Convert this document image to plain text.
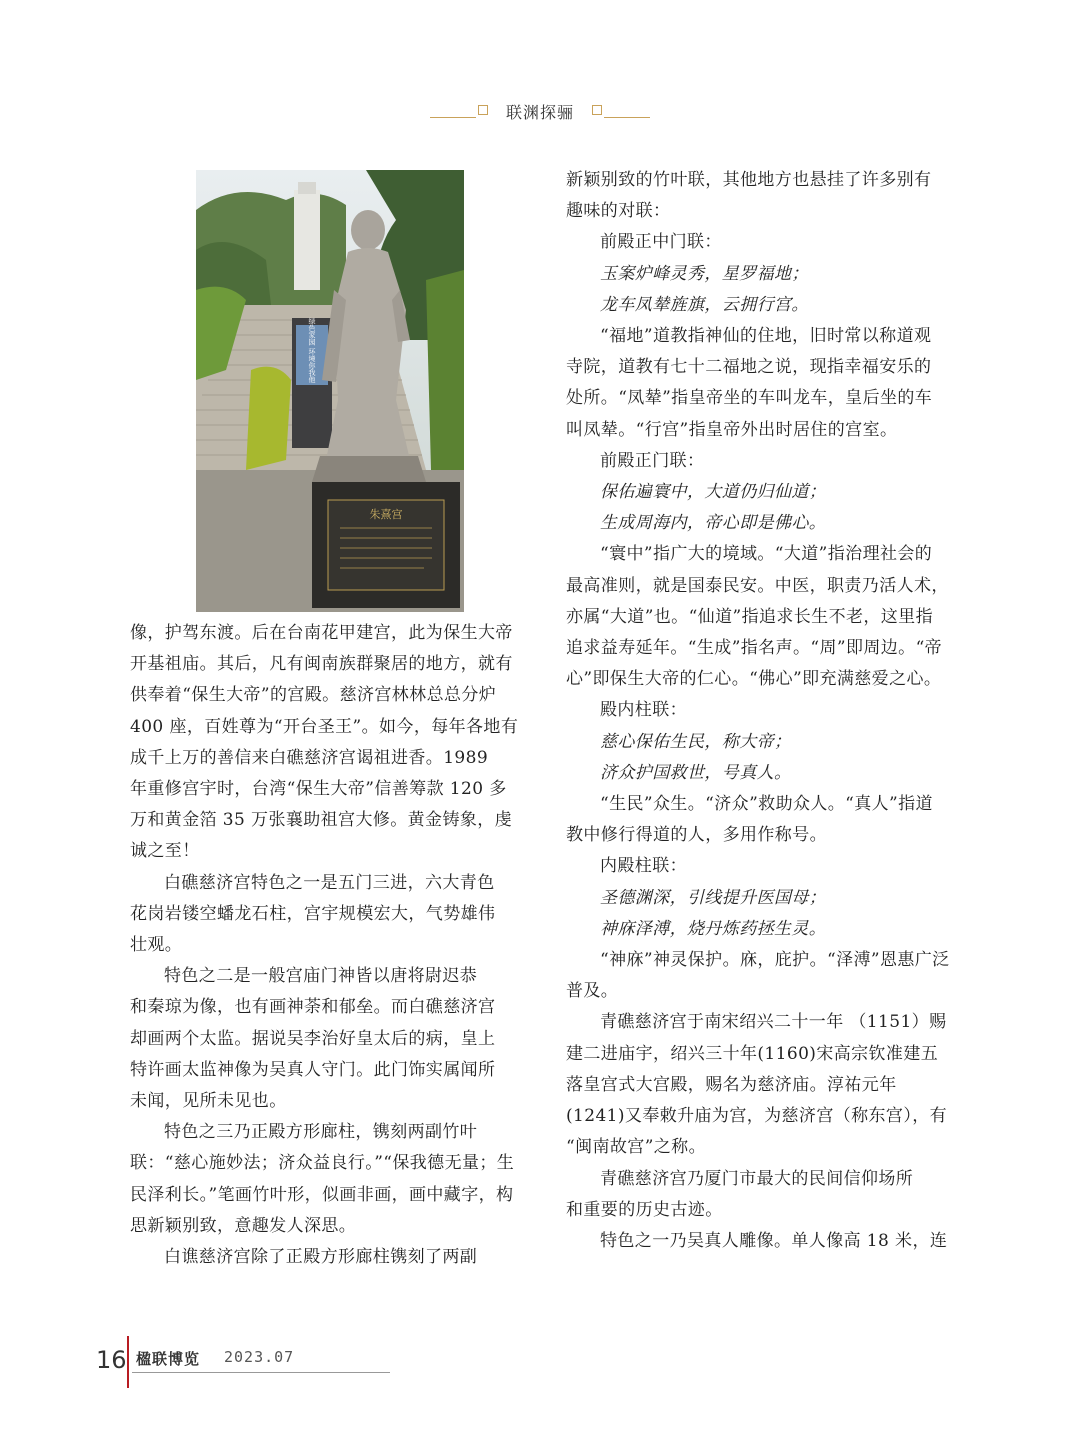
联渊探骊
朱熹宫
绿色家园 环境你我他

像，护驾东渡。后在台南花甲建宫，此为保生大帝

开基祖庙。其后，凡有闽南族群聚居的地方，就有

供奉着“保生大帝”的宫殿。慈济宫林林总总分炉

400 座，百姓尊为“开台圣王”。如今，每年各地有

成千上万的善信来白礁慈济宫谒祖进香。1989

年重修宫宇时，台湾“保生大帝”信善筹款 120 多

万和黄金箔 35 万张襄助祖宫大修。黄金铸象，虔

诚之至！

白礁慈济宫特色之一是五门三进，六大青色

花岗岩镂空蟠龙石柱，宫宇规模宏大，气势雄伟

壮观。

特色之二是一般宫庙门神皆以唐将尉迟恭

和秦琼为像，也有画神荼和郁垒。而白礁慈济宫

却画两个太监。据说吴李治好皇太后的病，皇上

特许画太监神像为吴真人守门。此门饰实属闻所

未闻，见所未见也。

特色之三乃正殿方形廊柱，镌刻两副竹叶

联：“慈心施妙法；济众益良行。”“保我德无量；生

民泽利长。”笔画竹叶形，似画非画，画中藏字，构

思新颖别致，意趣发人深思。

白谯慈济宫除了正殿方形廊柱镌刻了两副

新颖别致的竹叶联，其他地方也悬挂了许多别有

趣味的对联：

前殿正中门联：

玉案炉峰灵秀，星罗福地；

龙车凤辇旌旗，云拥行宫。

“福地”道教指神仙的住地，旧时常以称道观

寺院，道教有七十二福地之说，现指幸福安乐的

处所。“凤辇”指皇帝坐的车叫龙车，皇后坐的车

叫凤辇。“行宫”指皇帝外出时居住的宫室。

前殿正门联：

保佑遍寰中，大道仍归仙道；

生成周海内，帝心即是佛心。

“寰中”指广大的境域。“大道”指治理社会的

最高准则，就是国泰民安。中医，职责乃活人术，

亦属“大道”也。“仙道”指追求长生不老，这里指

追求益寿延年。“生成”指名声。“周”即周边。“帝

心”即保生大帝的仁心。“佛心”即充满慈爱之心。

殿内柱联：

慈心保佑生民，称大帝；

济众护国救世，号真人。

“生民”众生。“济众”救助众人。“真人”指道

教中修行得道的人，多用作称号。

内殿柱联：

圣德渊深，引线提升医国母；

神庥泽溥，烧丹炼药拯生灵。

“神庥”神灵保护。庥，庇护。“泽溥”恩惠广泛

普及。

青礁慈济宫于南宋绍兴二十一年 （1151）赐

建二进庙宇，绍兴三十年(1160)宋高宗钦准建五

落皇宫式大宫殿，赐名为慈济庙。淳祐元年

(1241)又奉敕升庙为宫，为慈济宫（称东宫），有

“闽南故宫”之称。

青礁慈济宫乃厦门市最大的民间信仰场所

和重要的历史古迹。

特色之一乃吴真人雕像。单人像高 18 米，连

16 楹联博览 2023.07
